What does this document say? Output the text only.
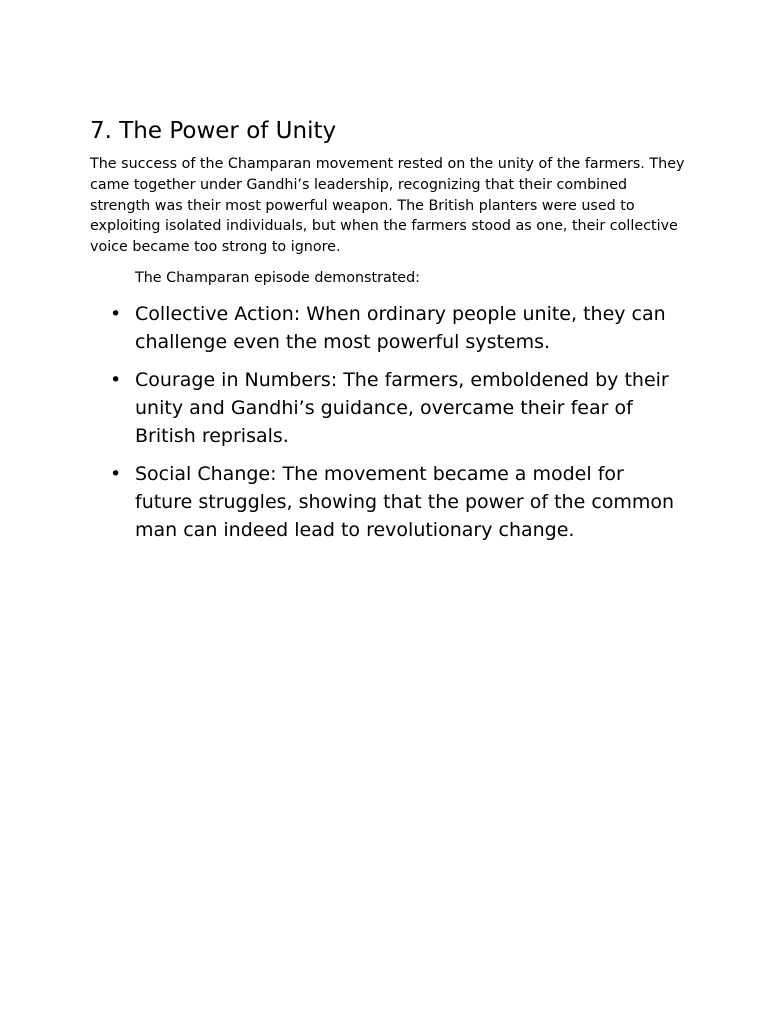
7. The Power of Unity

The success of the Champaran movement rested on the unity of the farmers. They came together under Gandhi’s leadership, recognizing that their combined strength was their most powerful weapon. The British planters were used to exploiting isolated individuals, but when the farmers stood as one, their collective voice became too strong to ignore.

The Champaran episode demonstrated:

• Collective Action: When ordinary people unite, they can challenge even the most powerful systems.
• Courage in Numbers: The farmers, emboldened by their unity and Gandhi’s guidance, overcame their fear of British reprisals.
• Social Change: The movement became a model for future struggles, showing that the power of the common man can indeed lead to revolutionary change.
